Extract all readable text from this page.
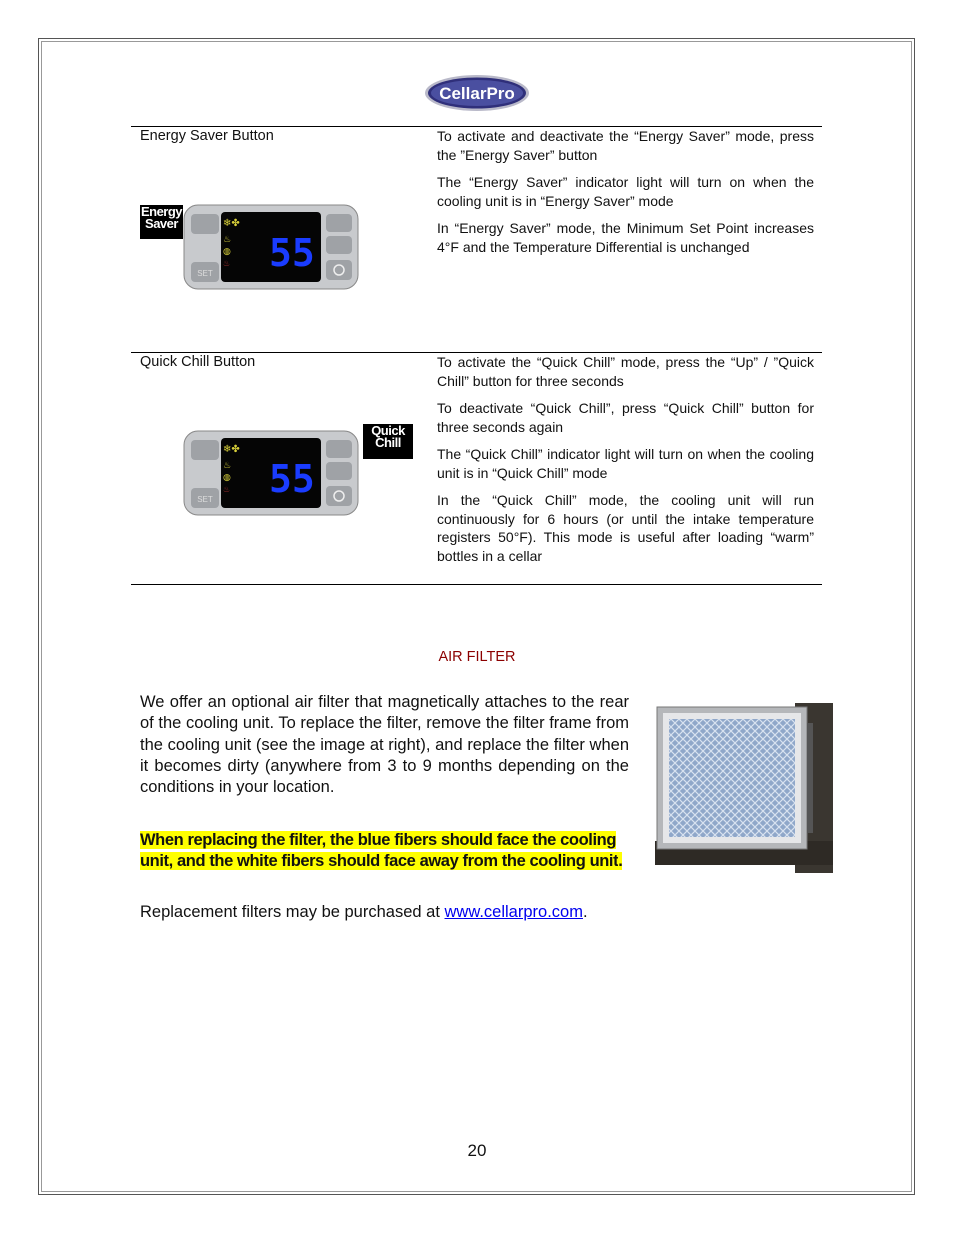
CellarPro
Energy Saver Button
Energy
Saver
SET
❄✤
♨
◍
♨ 55

To activate and deactivate the “Energy Saver” mode, press the ”Energy Saver” button

The “Energy Saver” indicator light will turn on when the cooling unit is in “Energy Saver” mode

In “Energy Saver” mode, the Minimum Set Point increases 4°F and the Temperature Differential is unchanged

Quick Chill Button
SET
❄✤
♨
◍
♨ 55
Quick
Chill

To activate the “Quick Chill” mode, press the “Up” / ”Quick Chill” button for three seconds

To deactivate “Quick Chill”, press “Quick Chill” button for three seconds again

The “Quick Chill” indicator light will turn on when the cooling unit is in “Quick Chill” mode

In the “Quick Chill” mode, the cooling unit will run continuously for 6 hours (or until the intake temperature registers 50°F). This mode is useful after loading “warm” bottles in a cellar

AIR FILTER
We offer an optional air filter that magnetically attaches to the rear of the cooling unit. To replace the filter, remove the filter frame from the cooling unit (see the image at right), and replace the filter when it becomes dirty (anywhere from 3 to 9 months depending on the conditions in your location.
When replacing the filter, the blue fibers should face the cooling
unit, and the white fibers should face away from the cooling unit.
Replacement filters may be purchased at www.cellarpro.com.
20
